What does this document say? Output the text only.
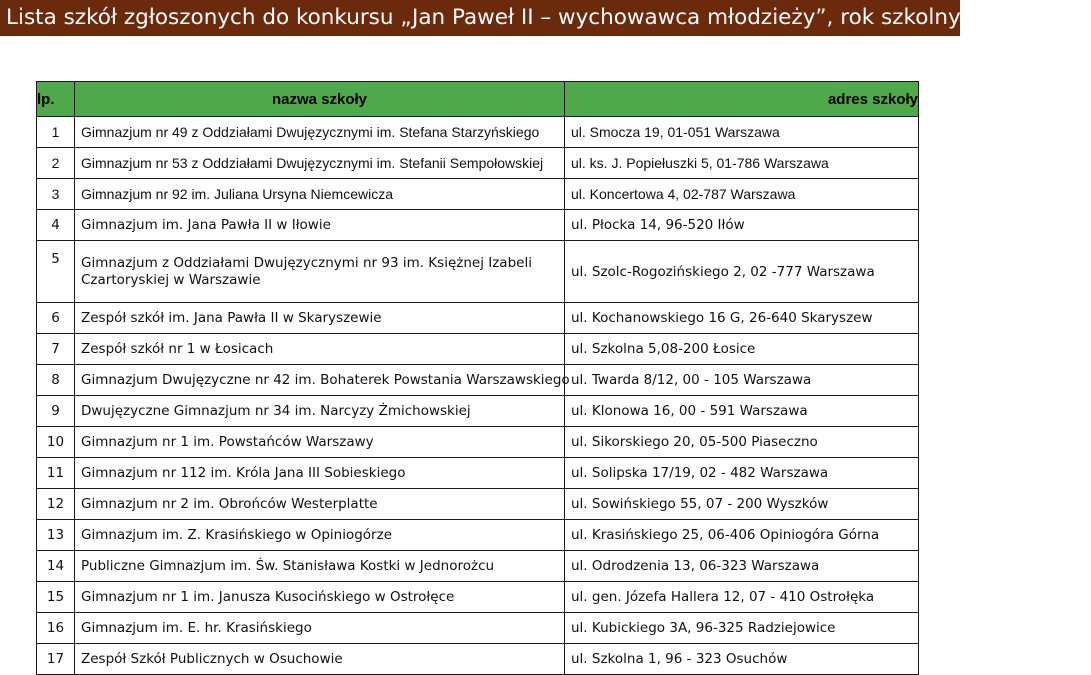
Lista szkół zgłoszonych do konkursu „Jan Paweł II – wychowawca młodzieży”, rok szkolny 2015 /2016
lp.	nazwa szkoły	adres szkoły
1	Gimnazjum nr 49 z Oddziałami Dwujęzycznymi im. Stefana Starzyńskiego	ul. Smocza 19, 01-051 Warszawa
2	Gimnazjum nr 53 z Oddziałami Dwujęzycznymi im. Stefanii Sempołowskiej	ul. ks. J. Popiełuszki 5, 01-786 Warszawa
3	Gimnazjum nr 92 im. Juliana Ursyna Niemcewicza	ul. Koncertowa 4, 02-787 Warszawa
4	Gimnazjum im. Jana Pawła II w Iłowie	ul. Płocka 14, 96-520 Iłów
5	Gimnazjum z Oddziałami Dwujęzycznymi nr 93 im. Księżnej Izabeli Czartoryskiej w Warszawie	ul. Szolc-Rogozińskiego 2, 02 -777 Warszawa
6	Zespół szkół im. Jana Pawła II w Skaryszewie	ul. Kochanowskiego 16 G, 26-640 Skaryszew
7	Zespół szkół nr 1 w Łosicach	ul. Szkolna 5,08-200 Łosice
8	Gimnazjum Dwujęzyczne nr 42 im. Bohaterek Powstania Warszawskiego	ul. Twarda 8/12, 00 - 105 Warszawa
9	Dwujęzyczne Gimnazjum nr 34 im. Narcyzy Żmichowskiej	ul. Klonowa 16, 00 - 591 Warszawa
10	Gimnazjum nr 1 im. Powstańców Warszawy	ul. Sikorskiego 20, 05-500 Piaseczno
11	Gimnazjum nr 112 im. Króla Jana III Sobieskiego	ul. Solipska 17/19, 02 - 482 Warszawa
12	Gimnazjum nr 2 im. Obrońców Westerplatte	ul. Sowińskiego 55, 07 - 200 Wyszków
13	Gimnazjum im. Z. Krasińskiego w Opiniogórze	ul. Krasińskiego 25, 06-406 Opiniogóra Górna
14	Publiczne Gimnazjum im. Św. Stanisława Kostki w Jednorożcu	ul. Odrodzenia 13, 06-323 Warszawa
15	Gimnazjum nr 1 im. Janusza Kusocińskiego w Ostrołęce	ul. gen. Józefa Hallera 12, 07 - 410 Ostrołęka
16	Gimnazjum im. E. hr. Krasińskiego	ul. Kubickiego 3A, 96-325 Radziejowice
17	Zespół Szkół Publicznych w Osuchowie	ul. Szkolna 1, 96 - 323 Osuchów
